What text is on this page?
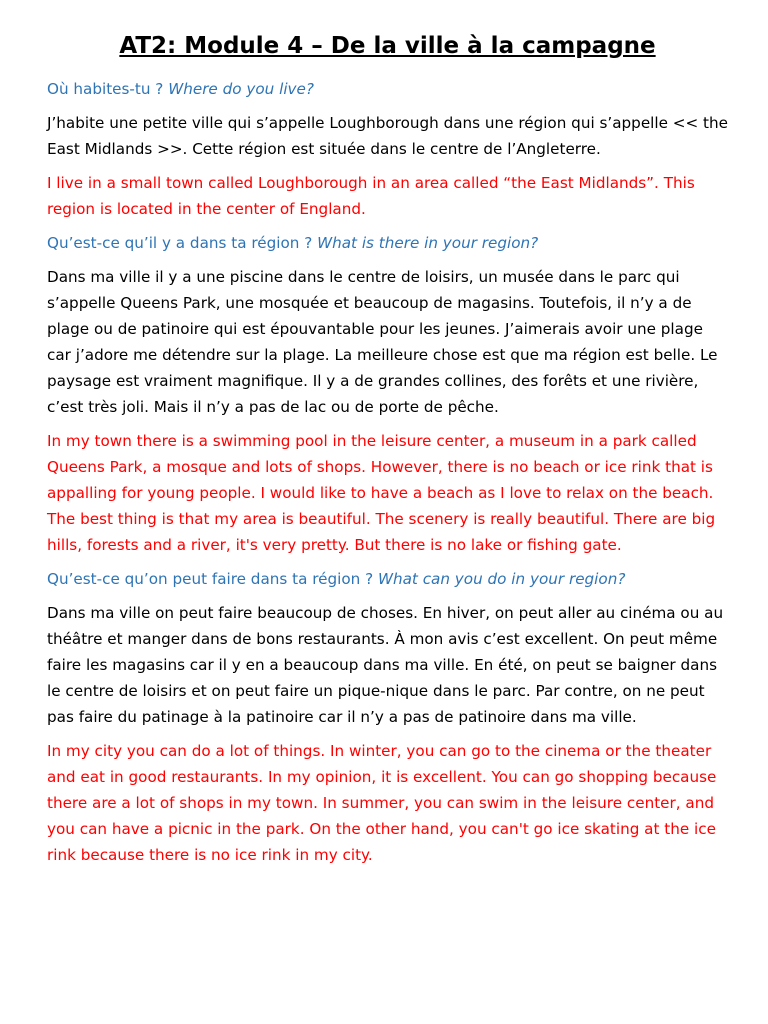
AT2: Module 4 – De la ville à la campagne

Où habites-tu ? Where do you live?

J’habite une petite ville qui s’appelle Loughborough dans une région qui s’appelle << the East Midlands >>. Cette région est située dans le centre de l’Angleterre.

I live in a small town called Loughborough in an area called “the East Midlands”. This region is located in the center of England.

Qu’est-ce qu’il y a dans ta région ? What is there in your region?

Dans ma ville il y a une piscine dans le centre de loisirs, un musée dans le parc qui s’appelle Queens Park, une mosquée et beaucoup de magasins. Toutefois, il n’y a de plage ou de patinoire qui est épouvantable pour les jeunes. J’aimerais avoir une plage car j’adore me détendre sur la plage. La meilleure chose est que ma région est belle. Le paysage est vraiment magnifique. Il y a de grandes collines, des forêts et une rivière, c’est très joli. Mais il n’y a pas de lac ou de porte de pêche.

In my town there is a swimming pool in the leisure center, a museum in a park called Queens Park, a mosque and lots of shops. However, there is no beach or ice rink that is appalling for young people. I would like to have a beach as I love to relax on the beach. The best thing is that my area is beautiful. The scenery is really beautiful. There are big hills, forests and a river, it's very pretty. But there is no lake or fishing gate.

Qu’est-ce qu’on peut faire dans ta région ? What can you do in your region?

Dans ma ville on peut faire beaucoup de choses. En hiver, on peut aller au cinéma ou au théâtre et manger dans de bons restaurants. À mon avis c’est excellent. On peut même faire les magasins car il y en a beaucoup dans ma ville. En été, on peut se baigner dans le centre de loisirs et on peut faire un pique-nique dans le parc. Par contre, on ne peut pas faire du patinage à la patinoire car il n’y a pas de patinoire dans ma ville.

In my city you can do a lot of things. In winter, you can go to the cinema or the theater and eat in good restaurants. In my opinion, it is excellent. You can go shopping because there are a lot of shops in my town. In summer, you can swim in the leisure center, and you can have a picnic in the park. On the other hand, you can't go ice skating at the ice rink because there is no ice rink in my city.
